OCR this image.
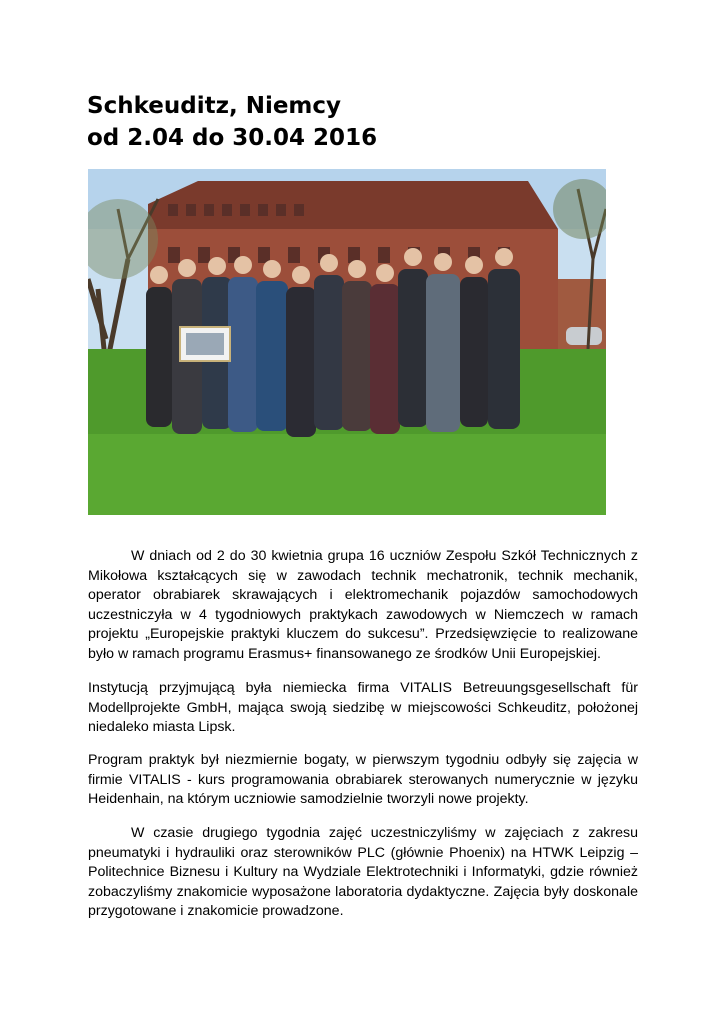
Schkeuditz, Niemcy
od 2.04 do 30.04 2016

W dniach od 2 do 30 kwietnia grupa 16 uczniów Zespołu Szkół Technicznych z Mikołowa kształcących się w zawodach technik mechatronik, technik mechanik, operator obrabiarek skrawających i elektromechanik pojazdów samochodowych uczestniczyła w 4 tygodniowych praktykach zawodowych w Niemczech w ramach projektu „Europejskie praktyki kluczem do sukcesu”. Przedsięwzięcie to realizowane było w ramach programu Erasmus+ finansowanego ze środków Unii Europejskiej.

Instytucją przyjmującą była niemiecka firma VITALIS Betreuungsgesellschaft für Modellprojekte GmbH, mająca swoją siedzibę w miejscowości Schkeuditz, położonej niedaleko miasta Lipsk.

Program praktyk był niezmiernie bogaty, w pierwszym tygodniu odbyły się zajęcia w firmie VITALIS - kurs programowania obrabiarek sterowanych numerycznie w języku Heidenhain, na którym uczniowie samodzielnie tworzyli nowe projekty.

W czasie drugiego tygodnia zajęć uczestniczyliśmy w zajęciach z zakresu pneumatyki i hydrauliki oraz sterowników PLC (głównie Phoenix) na HTWK Leipzig – Politechnice Biznesu i Kultury na Wydziale Elektrotechniki i Informatyki, gdzie również zobaczyliśmy znakomicie wyposażone laboratoria dydaktyczne. Zajęcia były doskonale przygotowane i znakomicie prowadzone.
